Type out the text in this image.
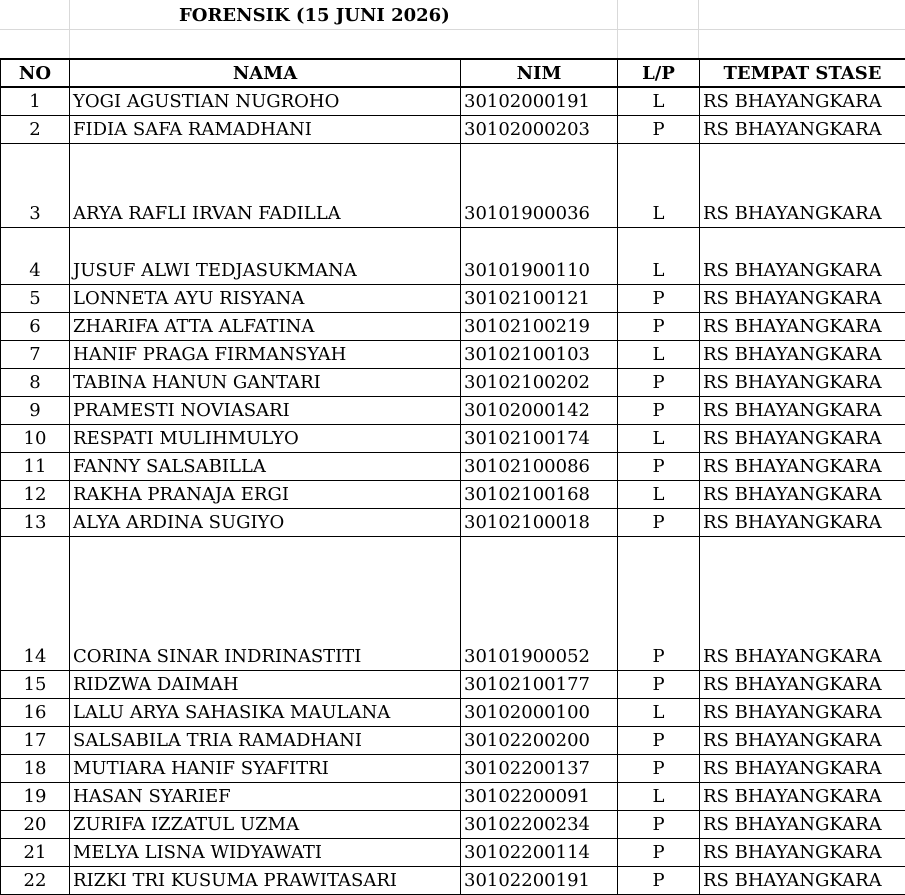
FORENSIK (15 JUNI 2026)
NO	NAMA	NIM	L/P	TEMPAT STASE
1	YOGI AGUSTIAN NUGROHO	30102000191	L	RS BHAYANGKARA
2	FIDIA SAFA RAMADHANI	30102000203	P	RS BHAYANGKARA
3	ARYA RAFLI IRVAN FADILLA	30101900036	L	RS BHAYANGKARA
4	JUSUF ALWI TEDJASUKMANA	30101900110	L	RS BHAYANGKARA
5	LONNETA AYU RISYANA	30102100121	P	RS BHAYANGKARA
6	ZHARIFA ATTA ALFATINA	30102100219	P	RS BHAYANGKARA
7	HANIF PRAGA FIRMANSYAH	30102100103	L	RS BHAYANGKARA
8	TABINA HANUN GANTARI	30102100202	P	RS BHAYANGKARA
9	PRAMESTI NOVIASARI	30102000142	P	RS BHAYANGKARA
10	RESPATI MULIHMULYO	30102100174	L	RS BHAYANGKARA
11	FANNY SALSABILLA	30102100086	P	RS BHAYANGKARA
12	RAKHA PRANAJA ERGI	30102100168	L	RS BHAYANGKARA
13	ALYA ARDINA SUGIYO	30102100018	P	RS BHAYANGKARA
14	CORINA SINAR INDRINASTITI	30101900052	P	RS BHAYANGKARA
15	RIDZWA DAIMAH	30102100177	P	RS BHAYANGKARA
16	LALU ARYA SAHASIKA MAULANA	30102000100	L	RS BHAYANGKARA
17	SALSABILA TRIA RAMADHANI	30102200200	P	RS BHAYANGKARA
18	MUTIARA HANIF SYAFITRI	30102200137	P	RS BHAYANGKARA
19	HASAN SYARIEF	30102200091	L	RS BHAYANGKARA
20	ZURIFA IZZATUL UZMA	30102200234	P	RS BHAYANGKARA
21	MELYA LISNA WIDYAWATI	30102200114	P	RS BHAYANGKARA
22	RIZKI TRI KUSUMA PRAWITASARI	30102200191	P	RS BHAYANGKARA
